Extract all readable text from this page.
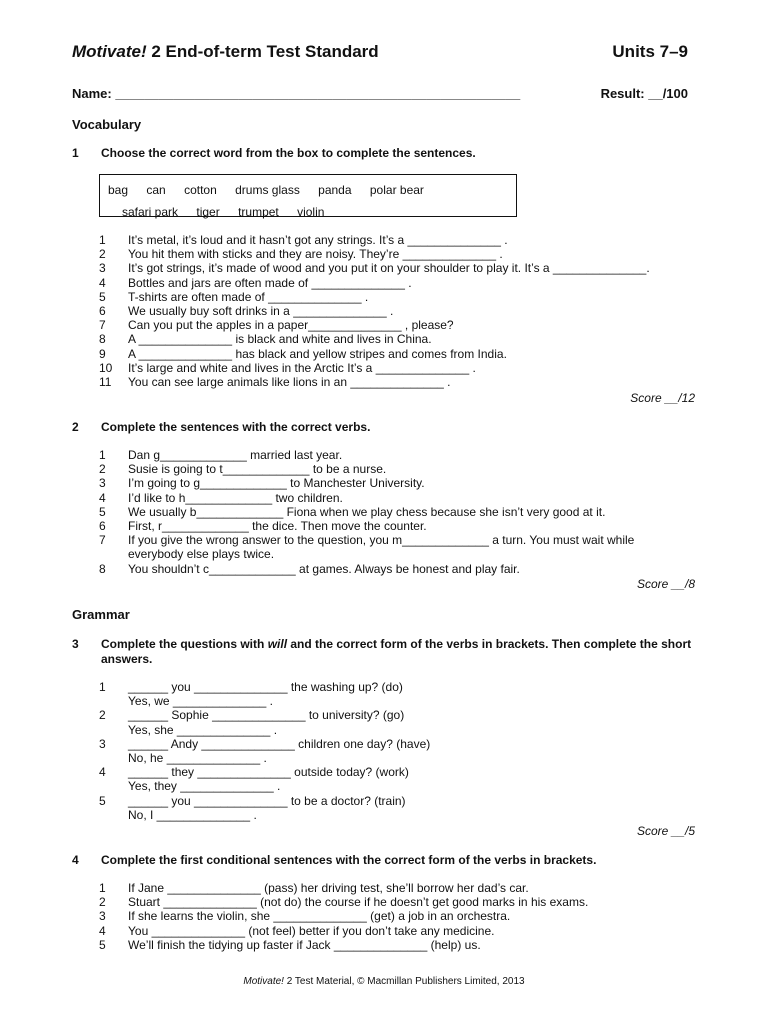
Motivate! 2 End-of-term Test Standard	Units 7–9
Name: ________________________________________________________	Result: __/100
Vocabulary
1	Choose the correct word from the box to complete the sentences.
bag can cotton drums glass panda polar bear
safari park tiger trumpet violin
1 It’s metal, it’s loud and it hasn’t got any strings. It’s a ______________ .
2 You hit them with sticks and they are noisy. They’re ______________ .
3 It’s got strings, it’s made of wood and you put it on your shoulder to play it. It’s a ______________.
4 Bottles and jars are often made of ______________ .
5 T-shirts are often made of ______________ .
6 We usually buy soft drinks in a ______________ .
7 Can you put the apples in a paper______________ , please?
8 A ______________ is black and white and lives in China.
9 A ______________ has black and yellow stripes and comes from India.
10 It’s large and white and lives in the Arctic It’s a ______________ .
11 You can see large animals like lions in an ______________ .
Score __/12
2	Complete the sentences with the correct verbs.
1 Dan g_____________ married last year.
2 Susie is going to t_____________ to be a nurse.
3 I’m going to g_____________ to Manchester University.
4 I’d like to h_____________ two children.
5 We usually b_____________ Fiona when we play chess because she isn’t very good at it.
6 First, r_____________ the dice. Then move the counter.
7 If you give the wrong answer to the question, you m_____________ a turn. You must wait while everybody else plays twice.
8 You shouldn’t c_____________ at games. Always be honest and play fair.
Score __/8
Grammar
3	Complete the questions with will and the correct form of the verbs in brackets. Then complete the short answers.
1 ______ you ______________ the washing up? (do)
Yes, we ______________ .
2 ______ Sophie ______________ to university? (go)
Yes, she ______________ .
3 ______ Andy ______________ children one day? (have)
No, he ______________ .
4 ______ they ______________ outside today? (work)
Yes, they ______________ .
5 ______ you ______________ to be a doctor? (train)
No, I ______________ .
Score __/5
4	Complete the first conditional sentences with the correct form of the verbs in brackets.
1 If Jane ______________ (pass) her driving test, she’ll borrow her dad’s car.
2 Stuart ______________ (not do) the course if he doesn’t get good marks in his exams.
3 If she learns the violin, she ______________ (get) a job in an orchestra.
4 You ______________ (not feel) better if you don’t take any medicine.
5 We’ll finish the tidying up faster if Jack ______________ (help) us.
Motivate! 2 Test Material, © Macmillan Publishers Limited, 2013
